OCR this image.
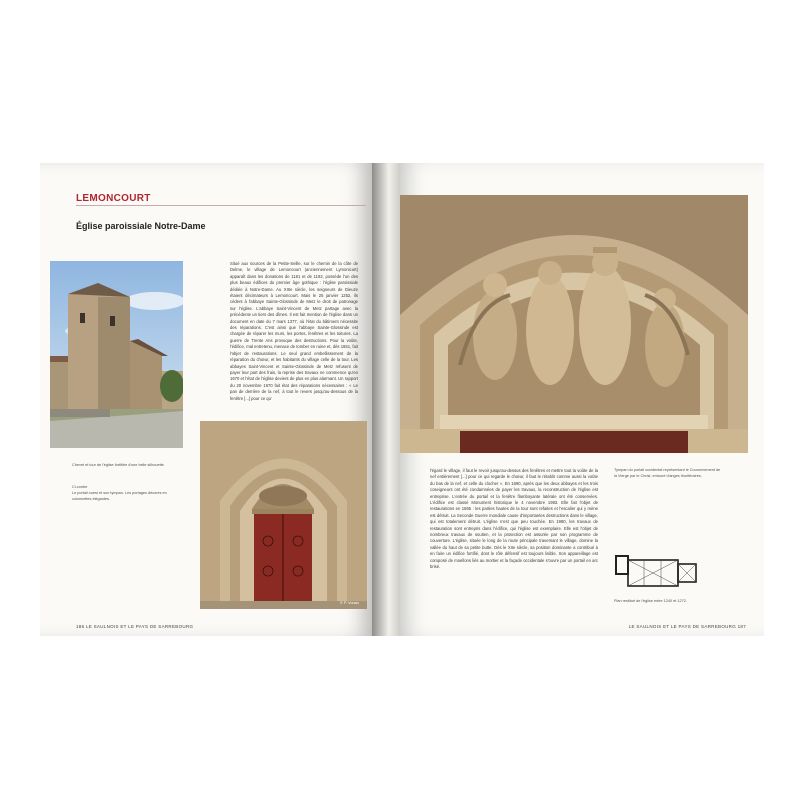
LEMONCOURT
Église paroissiale Notre-Dame

Chevet et tour de l'église fortifiée d'une belle silhouette.

Ci-contre
Le portail ouest et son tympan. Les portages décorés en colonnettes élégantes.

Situé aux sources de la Petite-Seille, sur le chemin de la côte de Delme, le village de Lemoncourt (anciennement Lymonicurt) apparaît dans les donations de 1181 et de 1192, possède l'un des plus beaux édifices du premier âge gothique : l'église paroissiale dédiée à Notre-Dame. Au XIIIe siècle, les seigneurs de Dieuze étaient décimateurs à Lemoncourt. Mais le 25 janvier 1252, ils cèdent à l'abbaye Sainte-Glossinde de Metz le droit de patronage sur l'église. L'abbaye Saint-Vincent de Metz partage avec la précédente un tiers des dîmes. Il est fait mention de l'église dans un document en date du 7 mars 1377, où l'état du bâtiment nécessite des réparations. C'est ainsi que l'abbaye Sainte-Glossinde est chargée de réparer les murs, les portes, fenêtres et les toitures. La guerre de Trente Ans provoque des destructions. Pour la voûte, l'édifice, mal entretenu, menace de tomber en ruine et, dès 1651, fait l'objet de restaurations. Le seul grand embellissement de la réparation du chœur, et les habitants du village celle de la tour. Les abbayes Saint-Vincent et Sainte-Glossinde de Metz refusent de payer leur part des frais, la reprise des travaux ne commence qu'en 1670 et l'état de l'église devient de plus en plus alarmant. Un rapport du 20 novembre 1670 fait état des réparations nécessaires : « Le pan de derrière de la nef, à tout le revers jusqu'au-dessous de la fenêtre [...] pour ce qu'

© P. Vonau
186 LE SAULNOIS ET LE PAYS DE SARREBOURG

l'égard le village, il faut le revoir jusqu'au-dessus des fenêtres et mettre tout la voûte de la nef entièrement [...] pour ce qui regarde le chœur, il faut le rétablir comme aussi la voûte du bas de la nef, et celle du clocher ». En 1690, après que les deux abbayes et les trois coseigneurs ont été condamnées de payer les travaux, la reconstruction de l'église est entreprise. L'entrée du portail et la fenêtre flamboyante latérale ont été conservées. L'édifice est classé Monument historique le 4 novembre 1983. Elle fait l'objet de restaurations en 1865 : les parties hautes de la tour sont refaites et l'escalier qui y mène est détruit. La Seconde Guerre mondiale cause d'importantes destructions dans le village, qui est totalement détruit. L'église n'est que peu touchée. En 1980, les travaux de restauration sont entrepris dans l'édifice, qui l'église est exemplaire. Elle est l'objet de nombreux travaux de soutien, et la protection est assurée par son programme de couverture. L'église, située le long de la route principale traversant le village, domine la vallée du haut de sa petite butte. Dès le XIIe siècle, sa position dominante a contribué à en faire un édifice fortifié, dont le rôle défensif est toujours lisible. Son appareillage est composé de moellons liés au mortier et la façade occidentale s'ouvre par un portail en arc brisé.

Tympan du portail occidental représentant le Couronnement de la Vierge par le Christ, entouré d'anges thuriféraires.

Plan restitué de l'église entre 1240 et 1272.

LE SAULNOIS ET LE PAYS DE SARREBOURG 187
